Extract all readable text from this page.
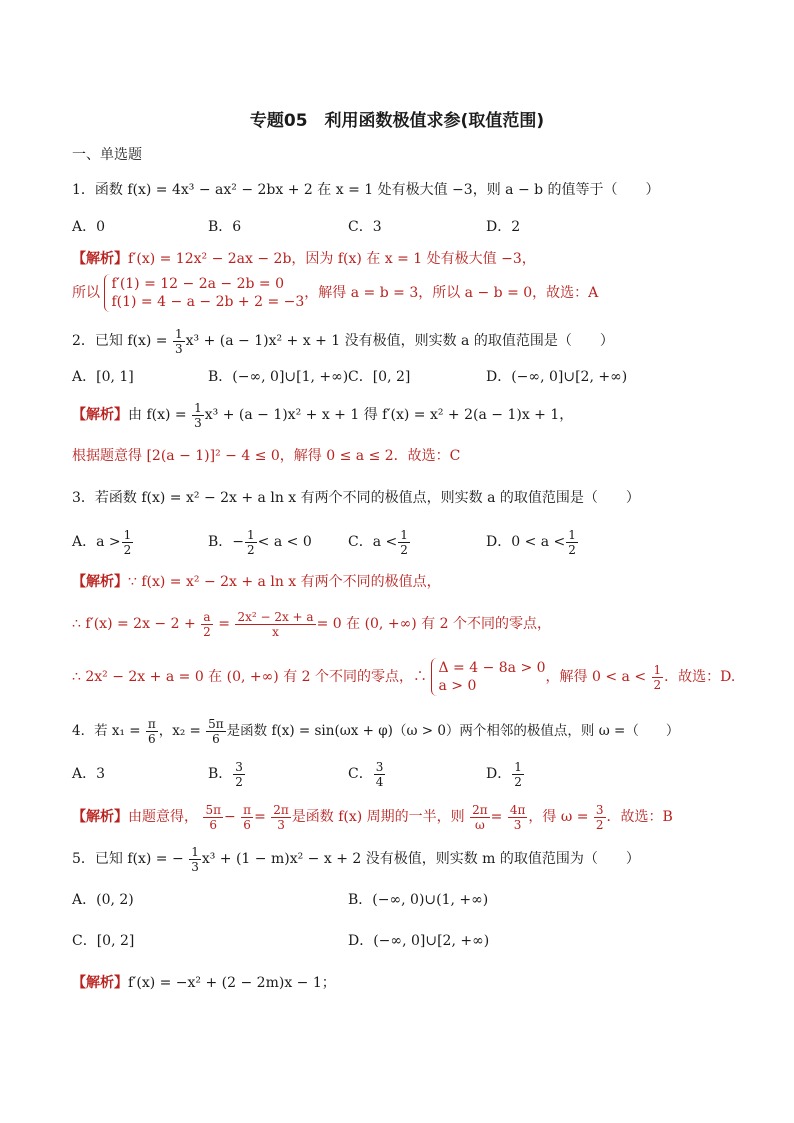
专题05　利用函数极值求参(取值范围)
一、单选题
1．函数 f(x) = 4x³ − ax² − 2bx + 2 在 x = 1 处有极大值 −3，则 a − b 的值等于（　　）
A．0	B．6	C．3	D．2
【解析】f′(x) = 12x² − 2ax − 2b，因为 f(x) 在 x = 1 处有极大值 −3，
所以 f′(1) = 12 − 2a − 2b = 0
f(1) = 4 − a − 2b + 2 = −3，解得 a = b = 3，所以 a − b = 0，故选：A
2．已知 $f(x) = \frac{1}{3} x^3 + (a - 1)x^2 + x + 1$ 没有极值，则实数 a 的取值范围是（　　）
A．[0, 1]	B．(−∞, 0]∪[1, +∞) C．[0, 2]	D．(−∞, 0]∪[2, +∞)
【解析】由 $f(x) = \frac{1}{3} x^3 + (a - 1)x^2 + x + 1$ 得 f′(x) = x² + 2(a − 1)x + 1，
根据题意得 [2(a − 1)]² − 4 ≤ 0，解得 0 ≤ a ≤ 2．故选：C
3．若函数 f(x) = x² − 2x + a ln x 有两个不同的极值点，则实数 a 的取值范围是（　　）
A．$a > \frac{1}{2}$	B．− $\frac{1}{2} < a < 0$	C．$a < \frac{1}{2}$	D．$0 < a < \frac{1}{2}$
【解析】∵ f(x) = x² − 2x + a ln x 有两个不同的极值点，
∴ $f'(x) = 2x - 2 + \frac{a}{2} = \frac{\text{2x² − 2x + a}}{x} = 0$ 在 (0, +∞) 有 2 个不同的零点，
∴ 2x² − 2x + a = 0 在 (0, +∞) 有 2 个不同的零点，∴ Δ = 4 − 8a > 0
a > 0，解得 $0 < a < \frac{1}{2}$ ．故选：D.
4．若 $x_1 = \frac{\pi}{6}$ ，$x_2 = \frac{5\pi}{6}$ 是函数 f(x) = sin(ωx + φ)（ω > 0）两个相邻的极值点，则 ω =（　　）
A．3	B． $\frac{3}{2}$	C． $\frac{3}{4}$	D． $\frac{1}{2}$
【解析】由题意得， $\frac{5\pi}{6} - \frac{\pi}{6} = \frac{2\pi}{3}$ 是函数 f(x) 周期的一半，则 $\frac{2\pi}{\omega} = \frac{4\pi}{3}$ ，得 $\omega = \frac{3}{2}$ ．故选：B
5．已知 f(x) = − $\frac{1}{3} x^3 + (1 - m)x^2 - x + 2$ 没有极值，则实数 m 的取值范围为（　　）
A．(0, 2)	B．(−∞, 0)∪(1, +∞)
C．[0, 2]	D．(−∞, 0]∪[2, +∞)
【解析】f′(x) = −x² + (2 − 2m)x − 1；
